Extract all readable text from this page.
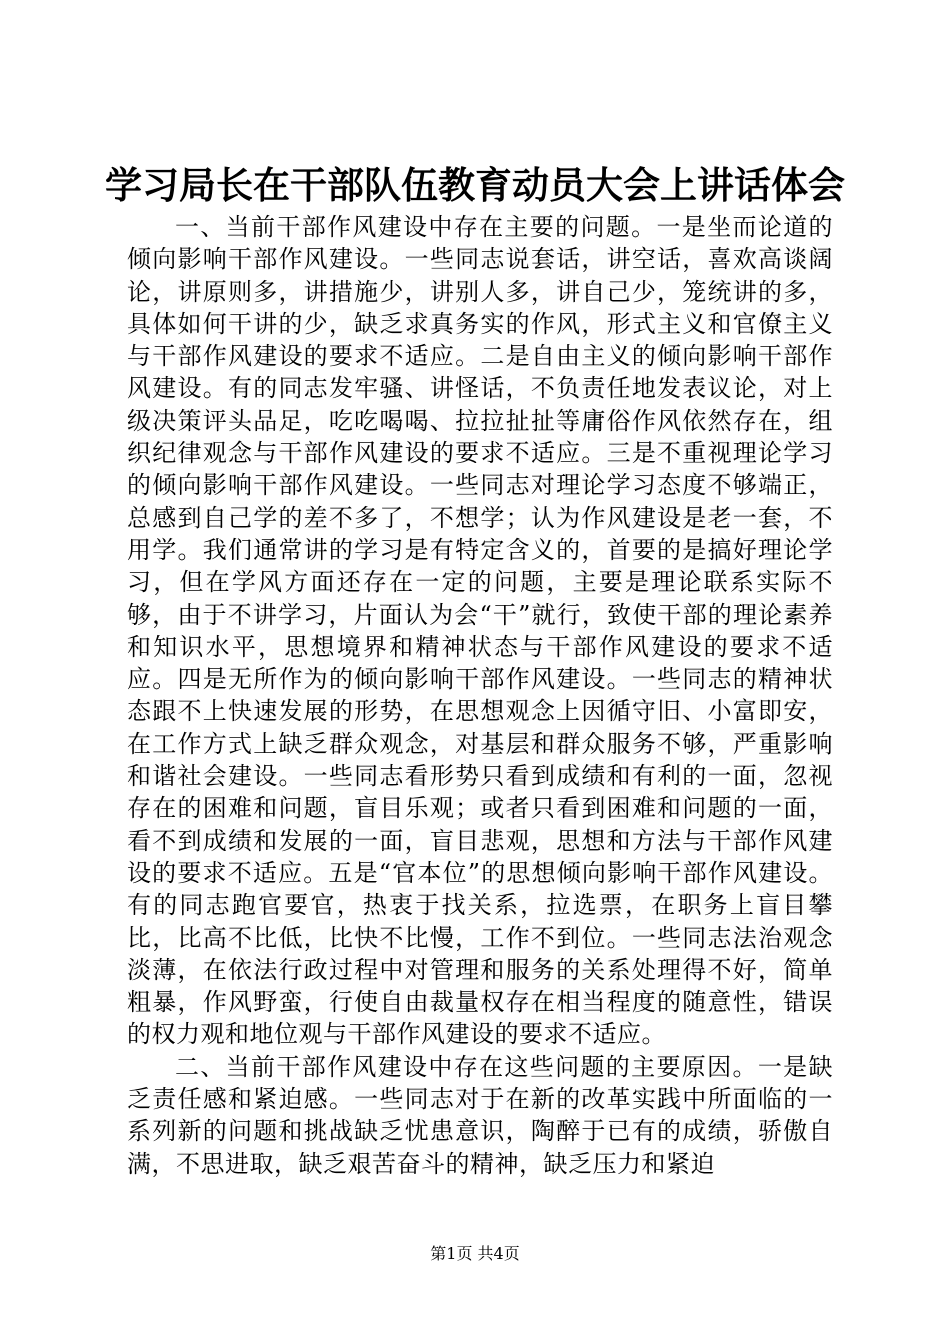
学习局长在干部队伍教育动员大会上讲话体会

一、当前干部作风建设中存在主要的问题。一是坐而论道的倾向影响干部作风建设。一些同志说套话，讲空话，喜欢高谈阔论，讲原则多，讲措施少，讲别人多，讲自己少，笼统讲的多，具体如何干讲的少，缺乏求真务实的作风，形式主义和官僚主义与干部作风建设的要求不适应。二是自由主义的倾向影响干部作风建设。有的同志发牢骚、讲怪话，不负责任地发表议论，对上级决策评头品足，吃吃喝喝、拉拉扯扯等庸俗作风依然存在，组织纪律观念与干部作风建设的要求不适应。三是不重视理论学习的倾向影响干部作风建设。一些同志对理论学习态度不够端正，总感到自己学的差不多了，不想学；认为作风建设是老一套，不用学。我们通常讲的学习是有特定含义的，首要的是搞好理论学习，但在学风方面还存在一定的问题，主要是理论联系实际不够，由于不讲学习，片面认为会“干”就行，致使干部的理论素养和知识水平，思想境界和精神状态与干部作风建设的要求不适应。四是无所作为的倾向影响干部作风建设。一些同志的精神状态跟不上快速发展的形势，在思想观念上因循守旧、小富即安，在工作方式上缺乏群众观念，对基层和群众服务不够，严重影响和谐社会建设。一些同志看形势只看到成绩和有利的一面，忽视存在的困难和问题，盲目乐观；或者只看到困难和问题的一面，看不到成绩和发展的一面，盲目悲观，思想和方法与干部作风建设的要求不适应。五是“官本位”的思想倾向影响干部作风建设。有的同志跑官要官，热衷于找关系，拉选票，在职务上盲目攀比，比高不比低，比快不比慢，工作不到位。一些同志法治观念淡薄，在依法行政过程中对管理和服务的关系处理得不好，简单粗暴，作风野蛮，行使自由裁量权存在相当程度的随意性，错误的权力观和地位观与干部作风建设的要求不适应。

二、当前干部作风建设中存在这些问题的主要原因。一是缺乏责任感和紧迫感。一些同志对于在新的改革实践中所面临的一系列新的问题和挑战缺乏忧患意识，陶醉于已有的成绩，骄傲自满，不思进取，缺乏艰苦奋斗的精神，缺乏压力和紧迫

第1页 共4页
